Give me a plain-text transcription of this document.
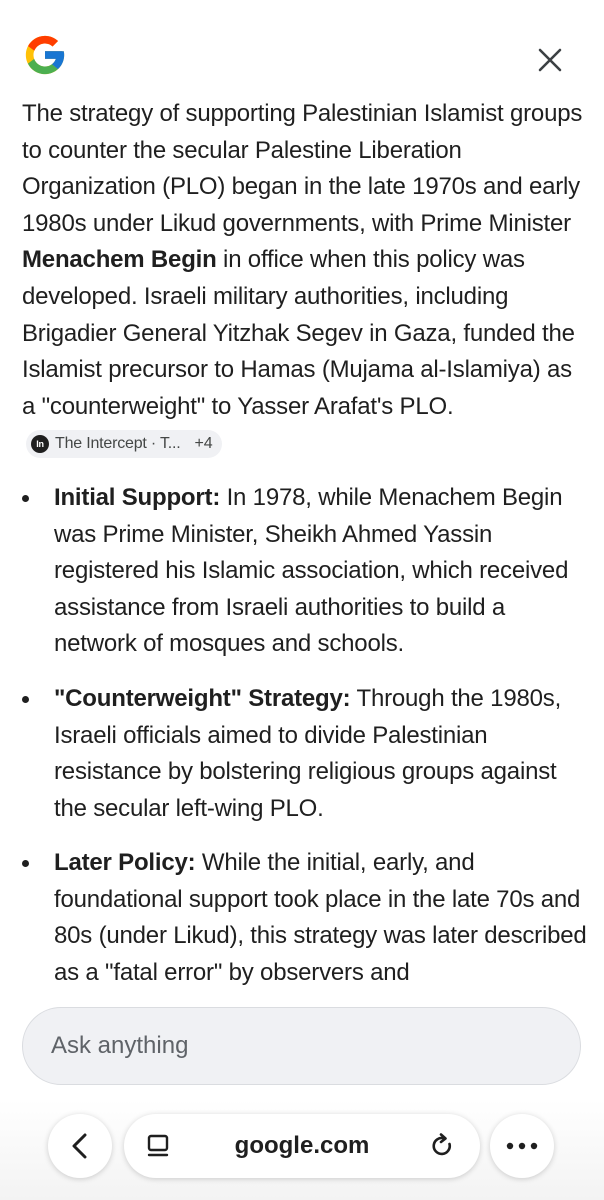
The strategy of supporting Palestinian Islamist groups to counter the secular Palestine Liberation Organization (PLO) began in the late 1970s and early 1980s under Likud governments, with Prime Minister Menachem Begin in office when this policy was developed. Israeli military authorities, including Brigadier General Yitzhak Segev in Gaza, funded the Islamist precursor to Hamas (Mujama al-Islamiya) as a "counterweight" to Yasser Arafat's PLO.
In The Intercept · T... +4

Initial Support: In 1978, while Menachem Begin was Prime Minister, Sheikh Ahmed Yassin registered his Islamic association, which received assistance from Israeli authorities to build a network of mosques and schools.
"Counterweight" Strategy: Through the 1980s, Israeli officials aimed to divide Palestinian resistance by bolstering religious groups against the secular left-wing PLO.
Later Policy: While the initial, early, and foundational support took place in the late 70s and 80s (under Likud), this strategy was later described as a "fatal error" by observers and
Ask anything
google.com
